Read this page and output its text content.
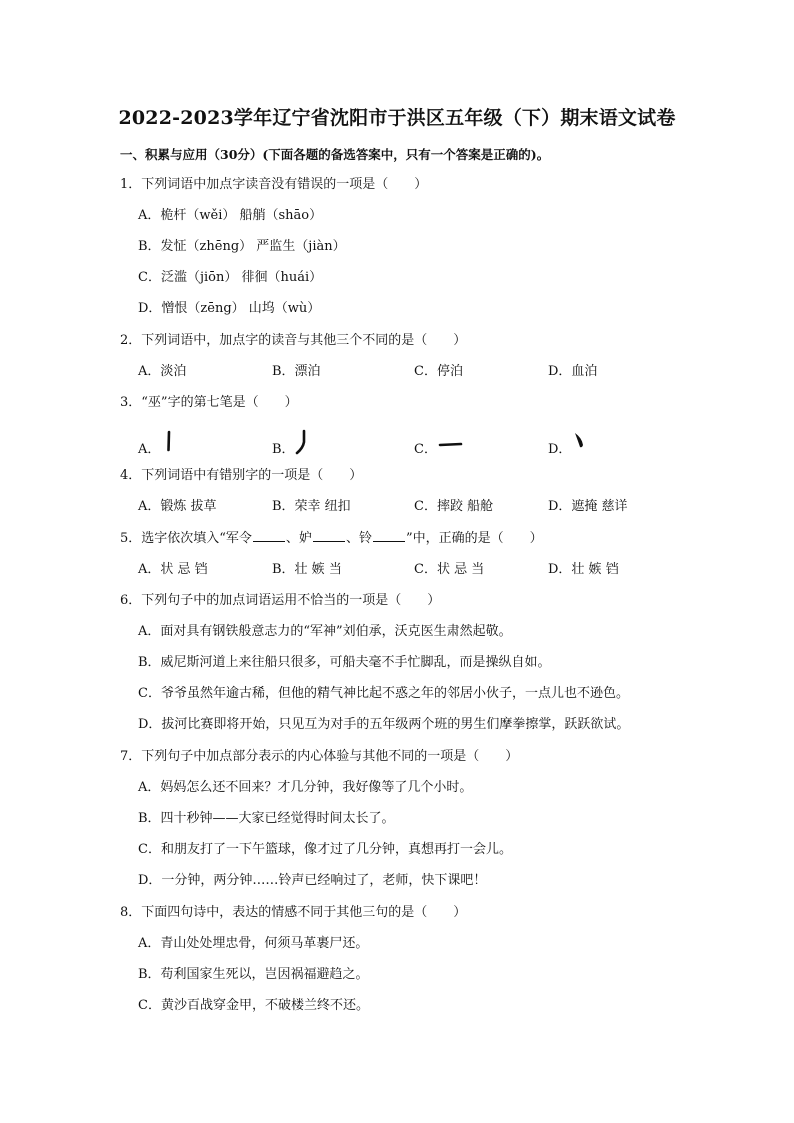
2022-2023学年辽宁省沈阳市于洪区五年级（下）期末语文试卷
一、积累与应用（30分）(下面各题的备选答案中，只有一个答案是正确的)。
1．下列词语中加点字读音没有错误的一项是（　　）
A．桅杆（wěi） 船艄（shāo）
B．发怔（zhēng） 严监生（jiàn）
C．泛滥（jiōn） 徘徊（huái）
D．憎恨（zēng） 山坞（wù）
2．下列词语中，加点字的读音与其他三个不同的是（　　）
A．淡泊	B．漂泊	C．停泊	D．血泊
3．“巫”字的第七笔是（　　）
A．	B．	C．	D．
4．下列词语中有错别字的一项是（　　）
A．锻炼 拔草	B．荣幸 纽扣	C．摔跤 船舱	D．遮掩 慈详
5．选字依次填入“军令	、妒	、铃	”中，正确的是（　　）
A．状 忌 铛	B．壮 嫉 当	C．状 忌 当	D．壮 嫉 铛
6．下列句子中的加点词语运用不恰当的一项是（　　）
A．面对具有钢铁般意志力的“军神”刘伯承，沃克医生肃然起敬。
B．威尼斯河道上来往船只很多，可船夫毫不手忙脚乱，而是操纵自如。
C．爷爷虽然年逾古稀，但他的精气神比起不惑之年的邻居小伙子，一点儿也不逊色。
D．拔河比赛即将开始，只见互为对手的五年级两个班的男生们摩拳擦掌，跃跃欲试。
7．下列句子中加点部分表示的内心体验与其他不同的一项是（　　）
A．妈妈怎么还不回来？才几分钟，我好像等了几个小时。
B．四十秒钟——大家已经觉得时间太长了。
C．和朋友打了一下午篮球，像才过了几分钟，真想再打一会儿。
D．一分钟，两分钟……铃声已经响过了，老师，快下课吧！
8．下面四句诗中，表达的情感不同于其他三句的是（　　）
A．青山处处埋忠骨，何须马革裹尸还。
B．苟利国家生死以，岂因祸福避趋之。
C．黄沙百战穿金甲，不破楼兰终不还。
